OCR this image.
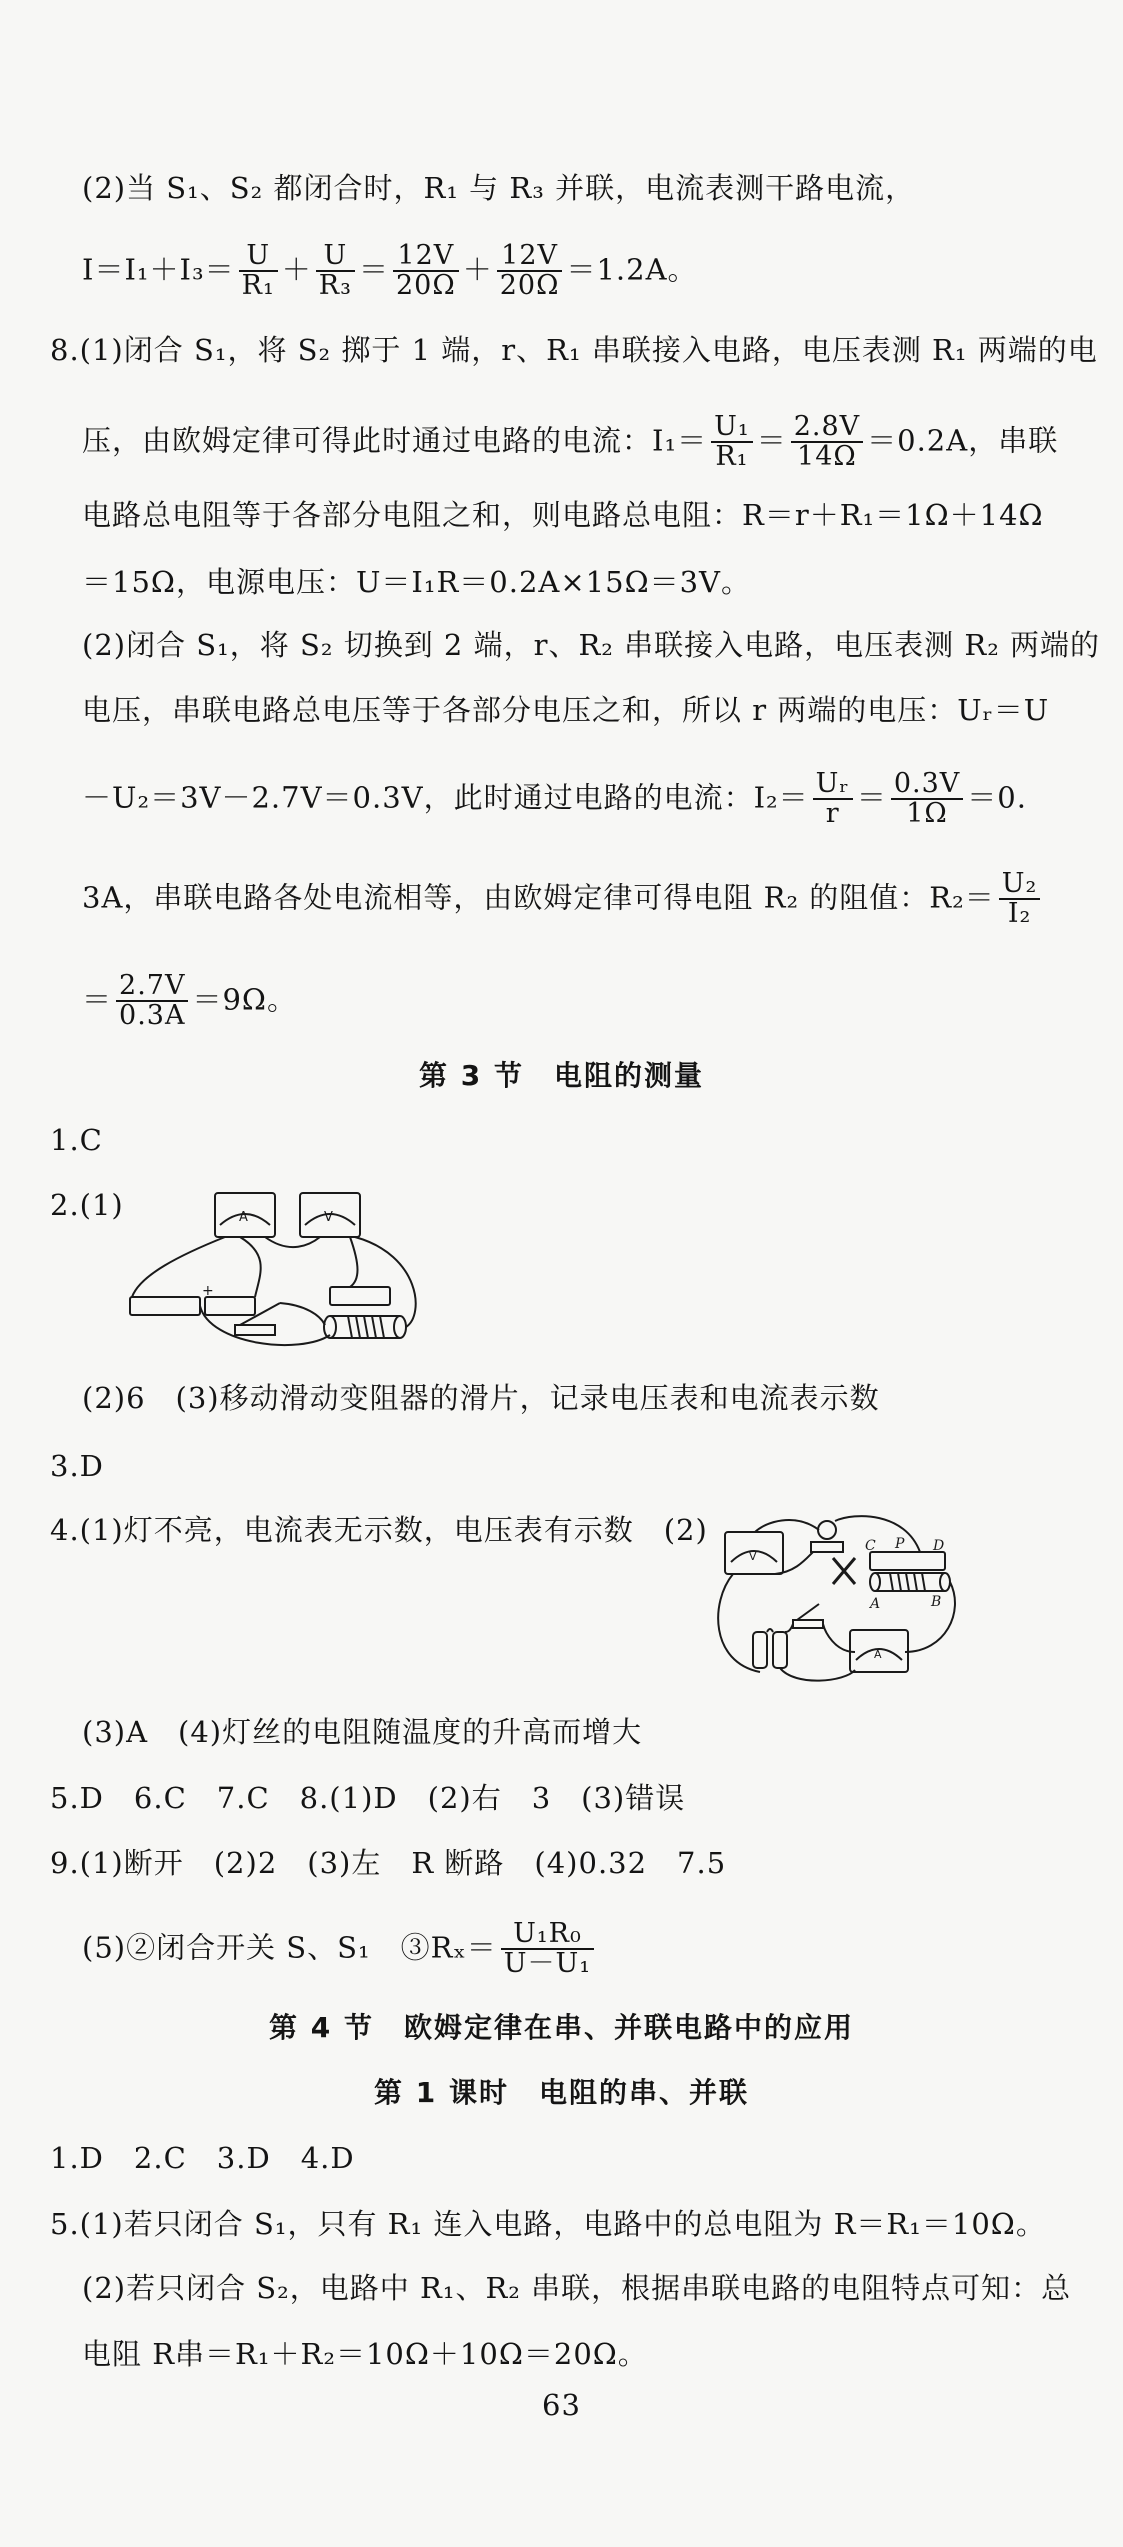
(2)当 S₁、S₂ 都闭合时，R₁ 与 R₃ 并联，电流表测干路电流，
$I=I_1+I_3= \frac{U}{\text{R₁}} + \frac{U}{\text{R₃}} = \frac{12V}{20\Omega} + \frac{12V}{20\Omega} =1.2A$。
8.(1)闭合 S₁，将 S₂ 掷于 1 端，r、R₁ 串联接入电路，电压表测 R₁ 两端的电
压，由欧姆定律可得此时通过电路的电流：$I_1= \frac{\text{U₁}}{\text{R₁}} = \frac{2.8V}{14\Omega} =0.2A$，串联
电路总电阻等于各部分电阻之和，则电路总电阻：R＝r＋R₁＝1Ω＋14Ω
＝15Ω，电源电压：U＝I₁R＝0.2A×15Ω＝3V。
(2)闭合 S₁，将 S₂ 切换到 2 端，r、R₂ 串联接入电路，电压表测 R₂ 两端的
电压，串联电路总电压等于各部分电压之和，所以 r 两端的电压：Uᵣ＝U
－U₂＝3V－2.7V＝0.3V，此时通过电路的电流：$I_2= \frac{\text{Uᵣ}}{r} = \frac{0.3V}{1\Omega} =0$.
3A，串联电路各处电流相等，由欧姆定律可得电阻 R₂ 的阻值：$R_2= \frac{\text{U₂}}{\text{I₂}}$
＝ $\frac{2.7V}{0.3A} =9\Omega$。
第 3 节　电阻的测量
1.C
2.(1)	A	V
+
(2)6　(3)移动滑动变阻器的滑片，记录电压表和电流表示数
3.D
4.(1)灯不亮，电流表无示数，电压表有示数　(2)	C P D
A	B
V
A
(3)A　(4)灯丝的电阻随温度的升高而增大
5.D　6.C　7.C　8.(1)D　(2)右　3　(3)错误
9.(1)断开　(2)2　(3)左　R 断路　(4)0.32　7.5
(5)②闭合开关 S、S₁　③Rₓ＝ $\frac{\text{U₁R₀}}{\text{U－U₁}}$
第 4 节　欧姆定律在串、并联电路中的应用
第 1 课时　电阻的串、并联
1.D　2.C　3.D　4.D
5.(1)若只闭合 S₁，只有 R₁ 连入电路，电路中的总电阻为 R＝R₁＝10Ω。
(2)若只闭合 S₂，电路中 R₁、R₂ 串联，根据串联电路的电阻特点可知：总
电阻 R串＝R₁＋R₂＝10Ω＋10Ω＝20Ω。
63
